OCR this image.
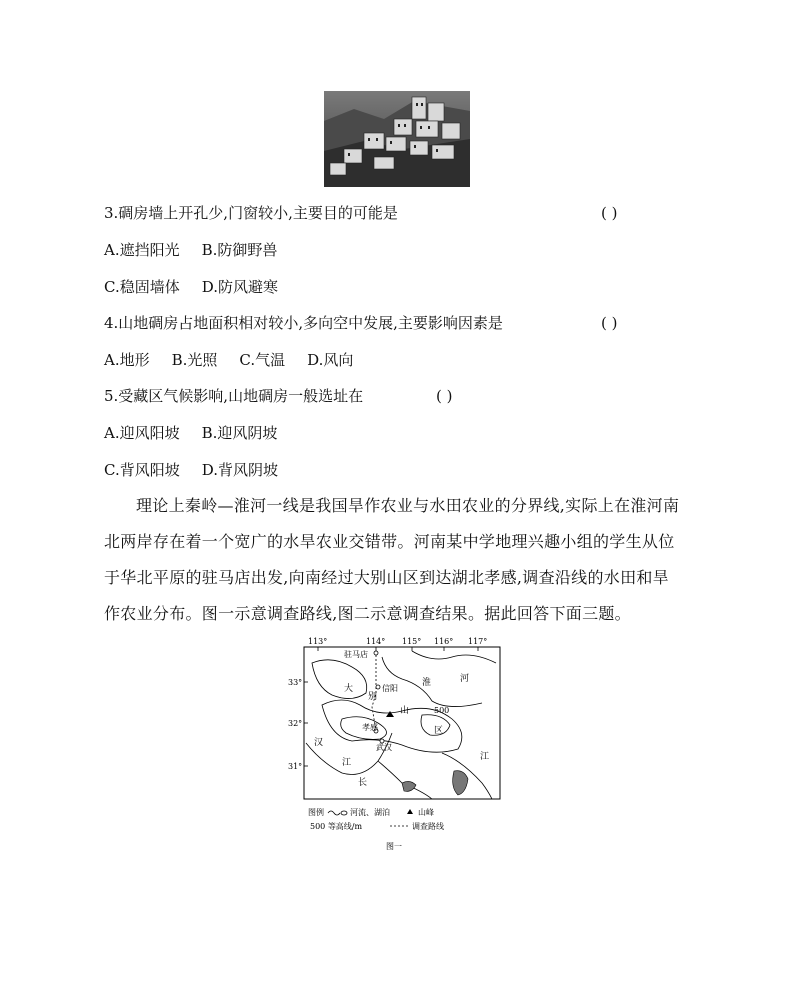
3.碉房墙上开孔少,门窗较小,主要目的可能是	( )
A.遮挡阳光 B.防御野兽
C.稳固墙体 D.防风避寒
4.山地碉房占地面积相对较小,多向空中发展,主要影响因素是	( )
A.地形 B.光照 C.气温 D.风向
5.受藏区气候影响,山地碉房一般选址在	( )
A.迎风阳坡 B.迎风阴坡
C.背风阳坡 D.背风阴坡
理论上秦岭—淮河一线是我国旱作农业与水田农业的分界线,实际上在淮河南北两岸存在着一个宽广的水旱农业交错带。河南某中学地理兴趣小组的学生从位于华北平原的驻马店出发,向南经过大别山区到达湖北孝感,调查沿线的水田和旱作农业分布。图一示意调查路线,图二示意调查结果。据此回答下面三题。
113°	114° 115° 116° 117°
33°
32°
31°
驻马店
信阳
孝感
武汉
500
大
别
山
区
淮	河
汉
江
江
长
图例	河流、湖泊	山峰
500 等高线/m	调查路线
图一
